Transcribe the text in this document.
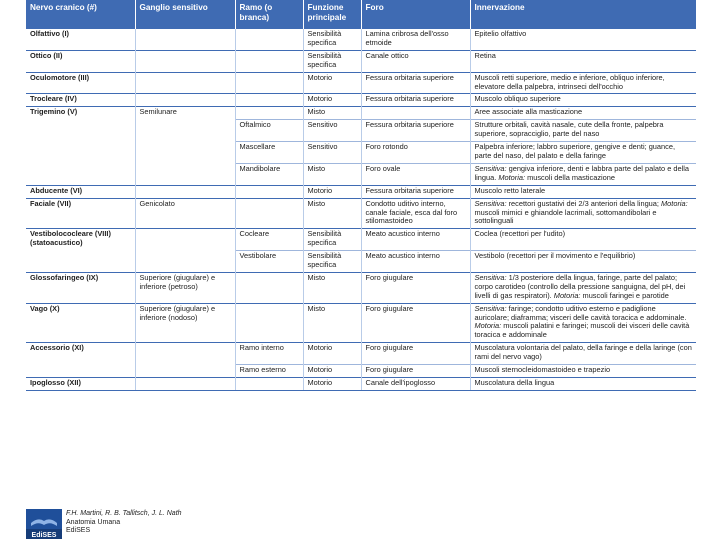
Nervo cranico (#)	Ganglio sensitivo	Ramo (o branca)	Funzione principale	Foro	Innervazione
Olfattivo (I)			Sensibilità specifica	Lamina cribrosa dell'osso etmoide	Epitelio olfattivo
Ottico (II)			Sensibilità specifica	Canale ottico	Retina
Oculomotore (III)			Motorio	Fessura orbitaria superiore	Muscoli retti superiore, medio e inferiore, obliquo inferiore, elevatore della palpebra, intrinseci dell'occhio
Trocleare (IV)			Motorio	Fessura orbitaria superiore	Muscolo obliquo superiore
Trigemino (V)	Semilunare		Misto		Aree associate alla masticazione
		Oftalmico	Sensitivo	Fessura orbitaria superiore	Strutture orbitali, cavità nasale, cute della fronte, palpebra superiore, sopracciglio, parte del naso
		Mascellare	Sensitivo	Foro rotondo	Palpebra inferiore; labbro superiore, gengive e denti; guance, parte del naso, del palato e della faringe
		Mandibolare	Misto	Foro ovale	Sensitiva: gengiva inferiore, denti e labbra parte del palato e della lingua. Motoria: muscoli della masticazione
Abducente (VI)			Motorio	Fessura orbitaria superiore	Muscolo retto laterale
Faciale (VII)	Genicolato		Misto	Condotto uditivo interno, canale faciale, esca dal foro stilomastoideo	Sensitiva: recettori gustativi dei 2/3 anteriori della lingua; Motoria: muscoli mimici e ghiandole lacrimali, sottomandibolari e sottolinguali
Vestibolococleare (VIII) (statoacustico)		Cocleare	Sensibilità specifica	Meato acustico interno	Coclea (recettori per l'udito)
		Vestibolare	Sensibilità specifica	Meato acustico interno	Vestibolo (recettori per il movimento e l'equilibrio)
Glossofaringeo (IX)	Superiore (giugulare) e inferiore (petroso)		Misto	Foro giugulare	Sensitiva: 1/3 posteriore della lingua, faringe, parte del palato; corpo carotideo (controllo della pressione sanguigna, del pH, dei livelli di gas respiratori). Motoria: muscoli faringei e parotide
Vago (X)	Superiore (giugulare) e inferiore (nodoso)		Misto	Foro giugulare	Sensitiva: faringe; condotto uditivo esterno e padiglione auricolare; diaframma; visceri delle cavità toracica e addominale. Motoria: muscoli palatini e faringei; muscoli dei visceri delle cavità toracica e addominale
Accessorio (XI)		Ramo interno	Motorio	Foro giugulare	Muscolatura volontaria del palato, della faringe e della laringe (con rami del nervo vago)
		Ramo esterno	Motorio	Foro giugulare	Muscoli sternocleidomastoideo e trapezio
Ipoglosso (XII)			Motorio	Canale dell'ipoglosso	Muscolatura della lingua
EdiSES
F.H. Martini, R. B. Tallitsch, J. L. Nath
Anatomia Umana
EdiSES
